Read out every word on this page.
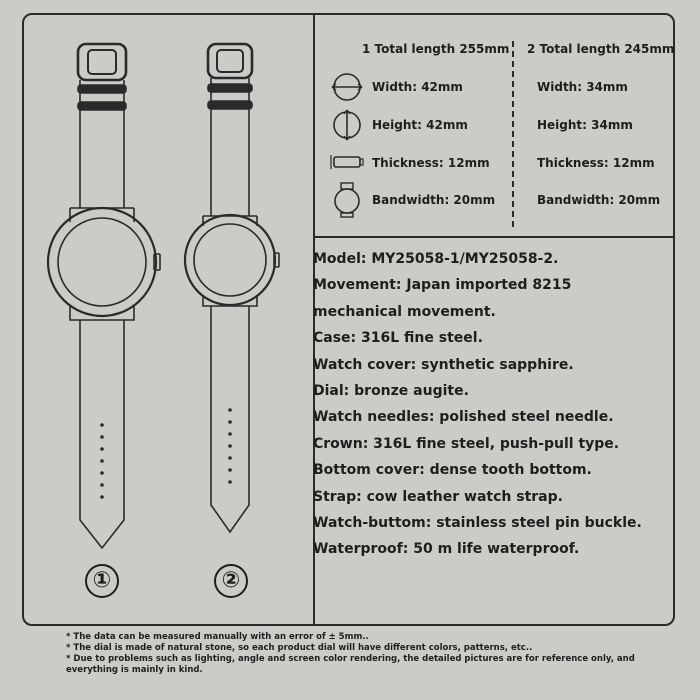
①	②
1 Total length 255mm 2 Total length 245mm
Width: 42mm
Height: 42mm
Thickness: 12mm
Bandwidth: 20mm
Width: 34mm
Height: 34mm
Thickness: 12mm
Bandwidth: 20mm
Model: MY25058-1/MY25058-2.
Movement: Japan imported 8215
mechanical movement.
Case: 316L fine steel.
Watch cover: synthetic sapphire.
Dial: bronze augite.
Watch needles: polished steel needle.
Crown: 316L fine steel, push-pull type.
Bottom cover: dense tooth bottom.
Strap: cow leather watch strap.
Watch-buttom: stainless steel pin buckle.
Waterproof: 50 m life waterproof.
* The data can be measured manually with an error of ± 5mm..
* The dial is made of natural stone, so each product dial will have different colors, patterns, etc..
* Due to problems such as lighting, angle and screen color rendering, the detailed pictures are for reference only, and everything is mainly in kind.
